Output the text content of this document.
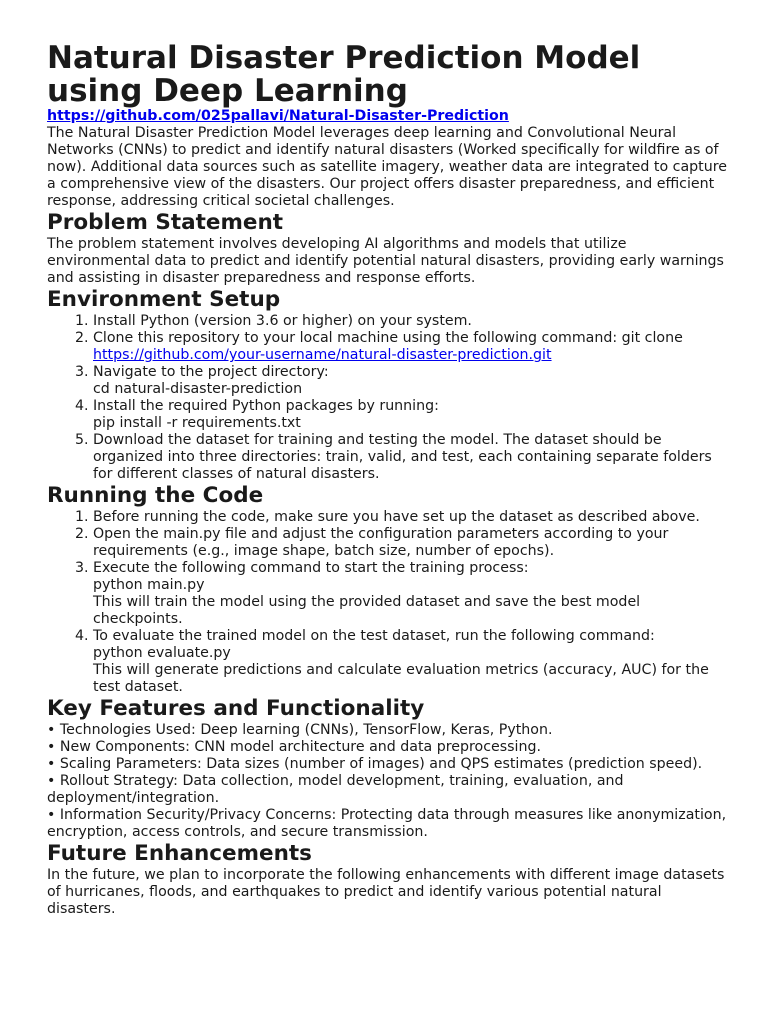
Natural Disaster Prediction Model using Deep Learning
https://github.com/025pallavi/Natural-Disaster-Prediction

The Natural Disaster Prediction Model leverages deep learning and Convolutional Neural Networks (CNNs) to predict and identify natural disasters (Worked specifically for wildfire as of now). Additional data sources such as satellite imagery, weather data are integrated to capture a comprehensive view of the disasters. Our project offers disaster preparedness, and efficient response, addressing critical societal challenges.

Problem Statement

The problem statement involves developing AI algorithms and models that utilize environmental data to predict and identify potential natural disasters, providing early warnings and assisting in disaster preparedness and response efforts.

Environment Setup
1. Install Python (version 3.6 or higher) on your system.
2. Clone this repository to your local machine using the following command: git clone https://github.com/your-username/natural-disaster-prediction.git
3. Navigate to the project directory:
cd natural-disaster-prediction
4. Install the required Python packages by running:
pip install -r requirements.txt
5. Download the dataset for training and testing the model. The dataset should be organized into three directories: train, valid, and test, each containing separate folders for different classes of natural disasters.
Running the Code
1. Before running the code, make sure you have set up the dataset as described above.
2. Open the main.py file and adjust the configuration parameters according to your requirements (e.g., image shape, batch size, number of epochs).
3. Execute the following command to start the training process:
python main.py
This will train the model using the provided dataset and save the best model checkpoints.
4. To evaluate the trained model on the test dataset, run the following command:
python evaluate.py
This will generate predictions and calculate evaluation metrics (accuracy, AUC) for the test dataset.
Key Features and Functionality
• Technologies Used: Deep learning (CNNs), TensorFlow, Keras, Python.
• New Components: CNN model architecture and data preprocessing.
• Scaling Parameters: Data sizes (number of images) and QPS estimates (prediction speed).
• Rollout Strategy: Data collection, model development, training, evaluation, and deployment/integration.
• Information Security/Privacy Concerns: Protecting data through measures like anonymization, encryption, access controls, and secure transmission.
Future Enhancements

In the future, we plan to incorporate the following enhancements with different image datasets of hurricanes, floods, and earthquakes to predict and identify various potential natural disasters.
